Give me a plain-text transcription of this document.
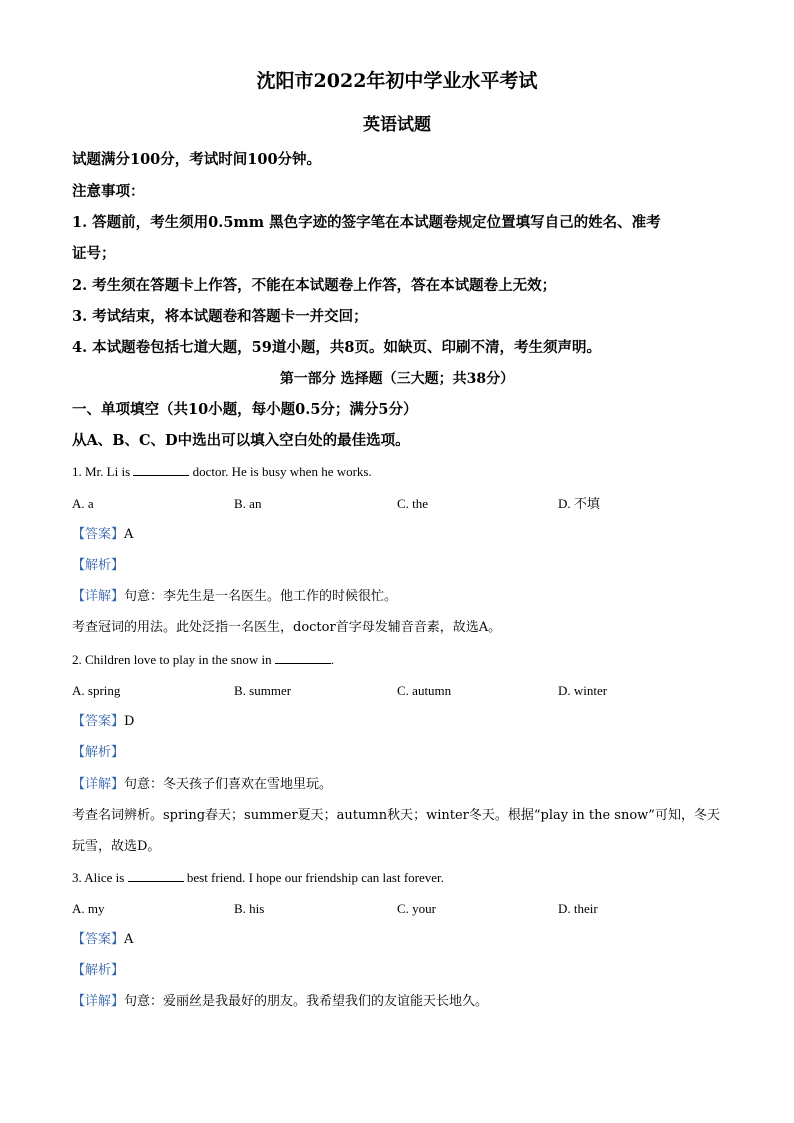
沈阳市2022年初中学业水平考试
英语试题
试题满分100分，考试时间100分钟。
注意事项：
1. 答题前，考生须用0.5mm 黑色字迹的签字笔在本试题卷规定位置填写自己的姓名、准考
证号；
2. 考生须在答题卡上作答，不能在本试题卷上作答，答在本试题卷上无效；
3. 考试结束，将本试题卷和答题卡一并交回；
4. 本试题卷包括七道大题，59道小题，共8页。如缺页、印刷不清，考生须声明。
第一部分 选择题（三大题；共38分）
一、单项填空（共10小题，每小题0.5分；满分5分）
从A、B、C、D中选出可以填入空白处的最佳选项。
1. Mr. Li is	doctor. He is busy when he works.
A. a	B. an	C. the	D. 不填
【答案】A
【解析】
【详解】句意：李先生是一名医生。他工作的时候很忙。
考查冠词的用法。此处泛指一名医生，doctor首字母发辅音音素，故选A。
2. Children love to play in the snow in	.
A. spring	B. summer	C. autumn	D. winter
【答案】D
【解析】
【详解】句意：冬天孩子们喜欢在雪地里玩。
考查名词辨析。spring春天；summer夏天；autumn秋天；winter冬天。根据“play in the snow”可知，冬天
玩雪，故选D。
3. Alice is	best friend. I hope our friendship can last forever.
A. my	B. his	C. your	D. their
【答案】A
【解析】
【详解】句意：爱丽丝是我最好的朋友。我希望我们的友谊能天长地久。
